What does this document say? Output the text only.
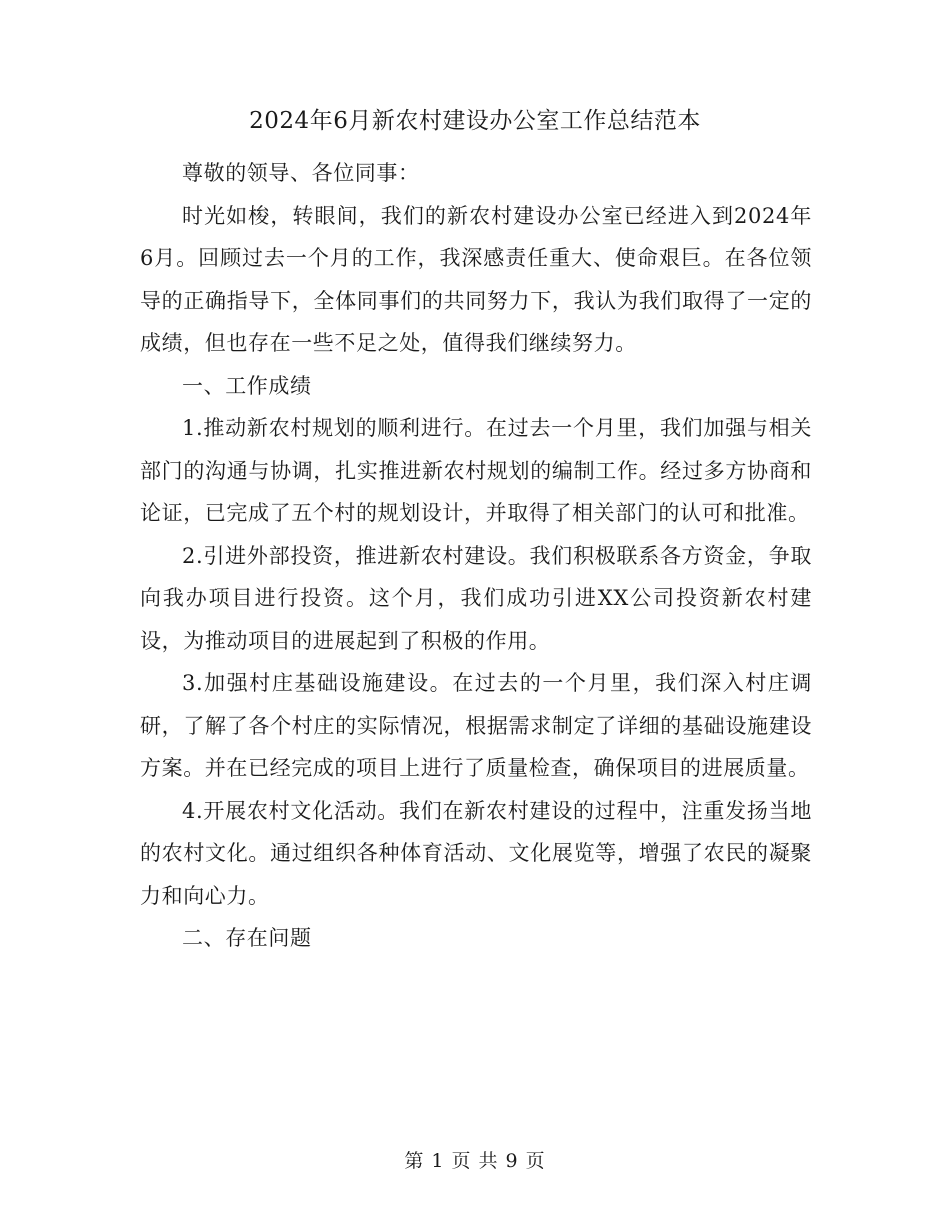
2024年6月新农村建设办公室工作总结范本

尊敬的领导、各位同事：

时光如梭，转眼间，我们的新农村建设办公室已经进入到2024年6月。回顾过去一个月的工作，我深感责任重大、使命艰巨。在各位领导的正确指导下，全体同事们的共同努力下，我认为我们取得了一定的成绩，但也存在一些不足之处，值得我们继续努力。

一、工作成绩

1.推动新农村规划的顺利进行。在过去一个月里，我们加强与相关部门的沟通与协调，扎实推进新农村规划的编制工作。经过多方协商和论证，已完成了五个村的规划设计，并取得了相关部门的认可和批准。

2.引进外部投资，推进新农村建设。我们积极联系各方资金，争取向我办项目进行投资。这个月，我们成功引进XX公司投资新农村建设，为推动项目的进展起到了积极的作用。

3.加强村庄基础设施建设。在过去的一个月里，我们深入村庄调研，了解了各个村庄的实际情况，根据需求制定了详细的基础设施建设方案。并在已经完成的项目上进行了质量检查，确保项目的进展质量。

4.开展农村文化活动。我们在新农村建设的过程中，注重发扬当地的农村文化。通过组织各种体育活动、文化展览等，增强了农民的凝聚力和向心力。

二、存在问题

第 1 页 共 9 页
